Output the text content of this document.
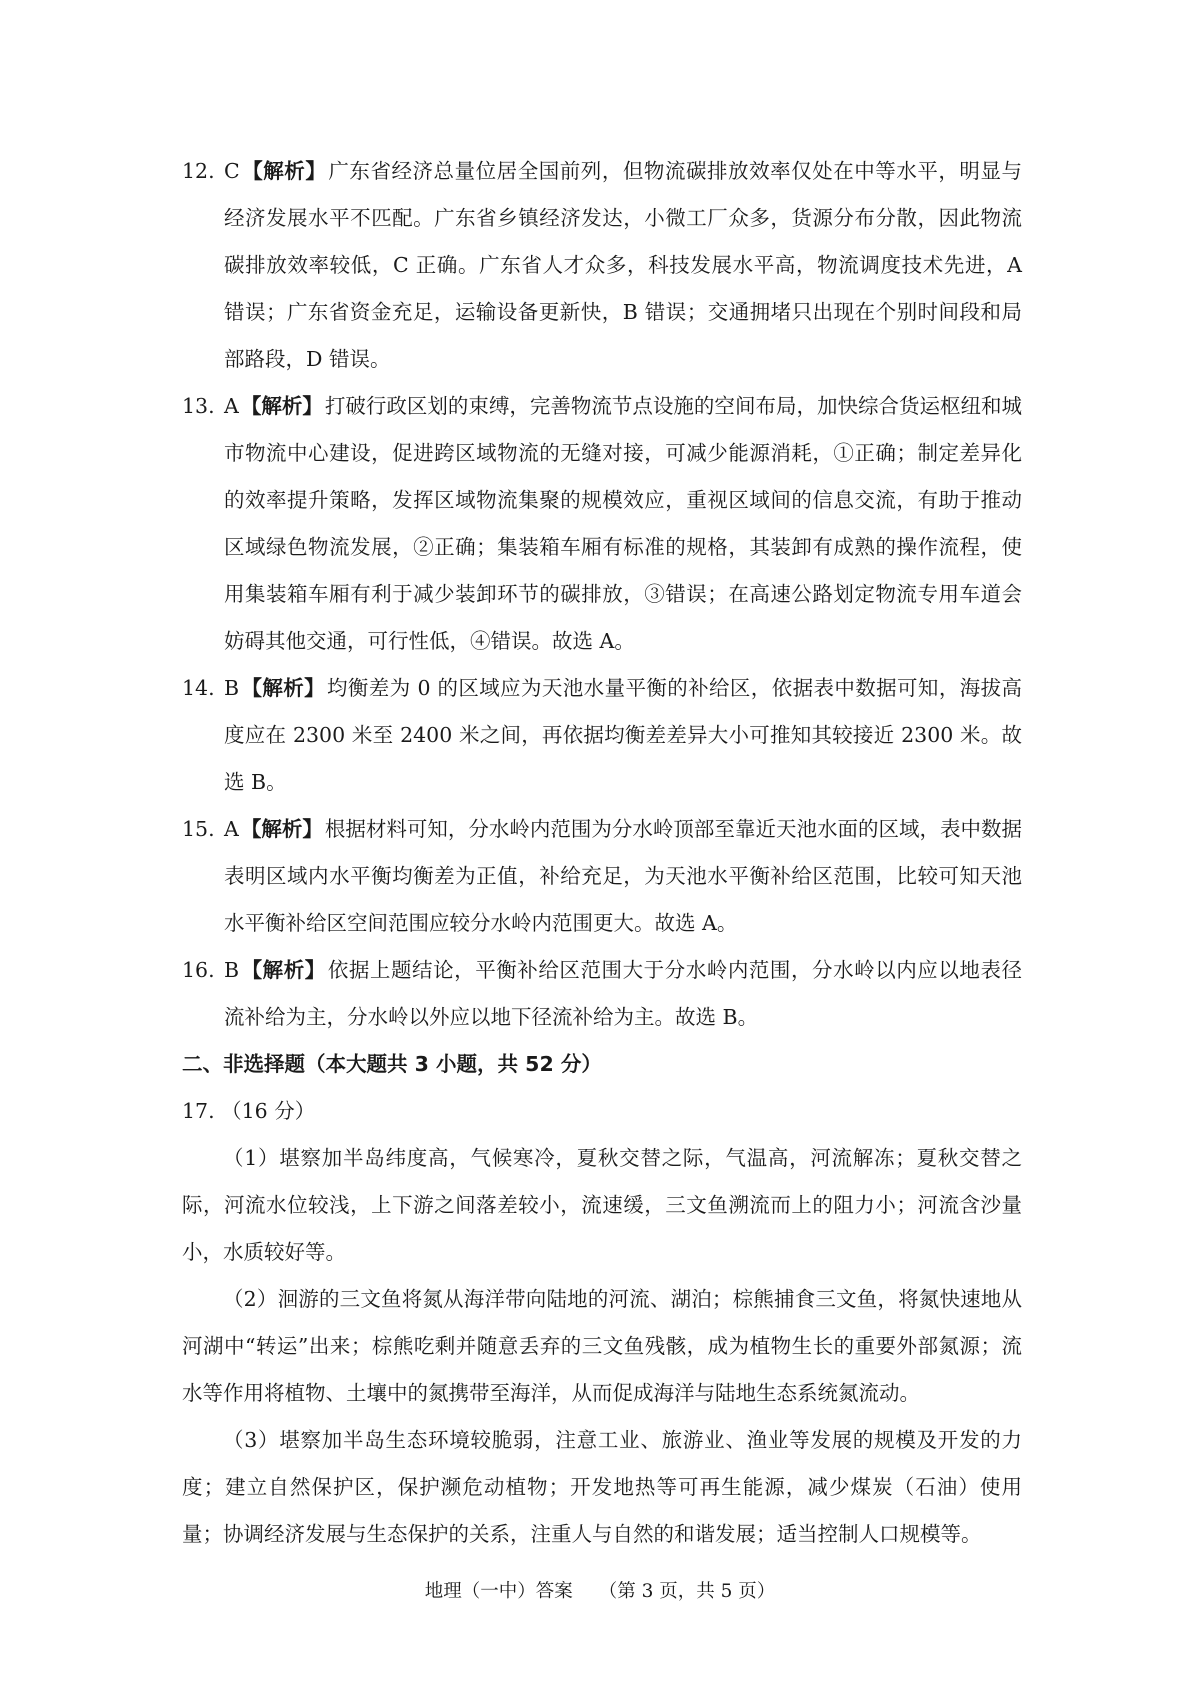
12. C【解析】广东省经济总量位居全国前列，但物流碳排放效率仅处在中等水平，明显与经济发展水平不匹配。广东省乡镇经济发达，小微工厂众多，货源分布分散，因此物流碳排放效率较低，C 正确。广东省人才众多，科技发展水平高，物流调度技术先进，A 错误；广东省资金充足，运输设备更新快，B 错误；交通拥堵只出现在个别时间段和局部路段，D 错误。
13. A【解析】打破行政区划的束缚，完善物流节点设施的空间布局，加快综合货运枢纽和城市物流中心建设，促进跨区域物流的无缝对接，可减少能源消耗，①正确；制定差异化的效率提升策略，发挥区域物流集聚的规模效应，重视区域间的信息交流，有助于推动区域绿色物流发展，②正确；集装箱车厢有标准的规格，其装卸有成熟的操作流程，使用集装箱车厢有利于减少装卸环节的碳排放，③错误；在高速公路划定物流专用车道会妨碍其他交通，可行性低，④错误。故选 A。
14. B【解析】均衡差为 0 的区域应为天池水量平衡的补给区，依据表中数据可知，海拔高度应在 2300 米至 2400 米之间，再依据均衡差差异大小可推知其较接近 2300 米。故选 B。
15. A【解析】根据材料可知，分水岭内范围为分水岭顶部至靠近天池水面的区域，表中数据表明区域内水平衡均衡差为正值，补给充足，为天池水平衡补给区范围，比较可知天池水平衡补给区空间范围应较分水岭内范围更大。故选 A。
16. B【解析】依据上题结论，平衡补给区范围大于分水岭内范围，分水岭以内应以地表径流补给为主，分水岭以外应以地下径流补给为主。故选 B。
二、非选择题（本大题共 3 小题，共 52 分）
17. （16 分）
（1）堪察加半岛纬度高，气候寒冷，夏秋交替之际，气温高，河流解冻；夏秋交替之际，河流水位较浅，上下游之间落差较小，流速缓，三文鱼溯流而上的阻力小；河流含沙量小，水质较好等。
（2）洄游的三文鱼将氮从海洋带向陆地的河流、湖泊；棕熊捕食三文鱼，将氮快速地从河湖中“转运”出来；棕熊吃剩并随意丢弃的三文鱼残骸，成为植物生长的重要外部氮源；流水等作用将植物、土壤中的氮携带至海洋，从而促成海洋与陆地生态系统氮流动。
（3）堪察加半岛生态环境较脆弱，注意工业、旅游业、渔业等发展的规模及开发的力度；建立自然保护区，保护濒危动植物；开发地热等可再生能源，减少煤炭（石油）使用量；协调经济发展与生态保护的关系，注重人与自然的和谐发展；适当控制人口规模等。
地理（一中）答案 （第 3 页，共 5 页）
